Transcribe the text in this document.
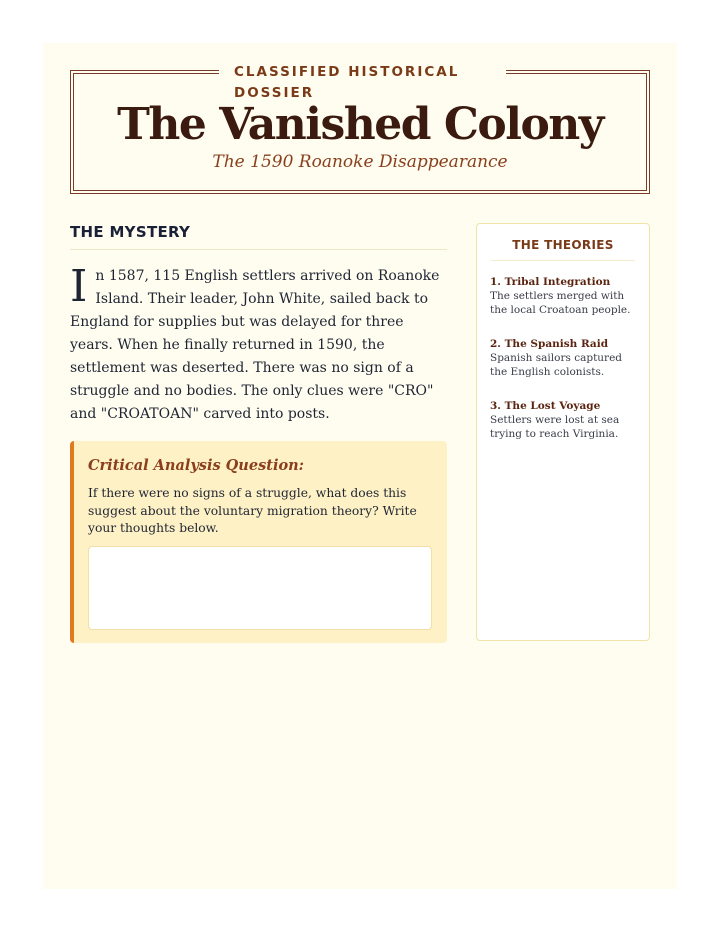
CLASSIFIED HISTORICAL DOSSIER
The Vanished Colony
The 1590 Roanoke Disappearance
THE MYSTERY
I n 1587, 115 English settlers arrived on Roanoke Island. Their leader, John White, sailed back to England for supplies but was delayed for three years. When he finally returned in 1590, the settlement was deserted. There was no sign of a struggle and no bodies. The only clues were "CRO" and "CROATOAN" carved into posts.
Critical Analysis Question:
If there were no signs of a struggle, what does this suggest about the voluntary migration theory? Write your thoughts below.
THE THEORIES
1. Tribal Integration
The settlers merged with the local Croatoan people.
2. The Spanish Raid
Spanish sailors captured the English colonists.
3. The Lost Voyage
Settlers were lost at sea trying to reach Virginia.
